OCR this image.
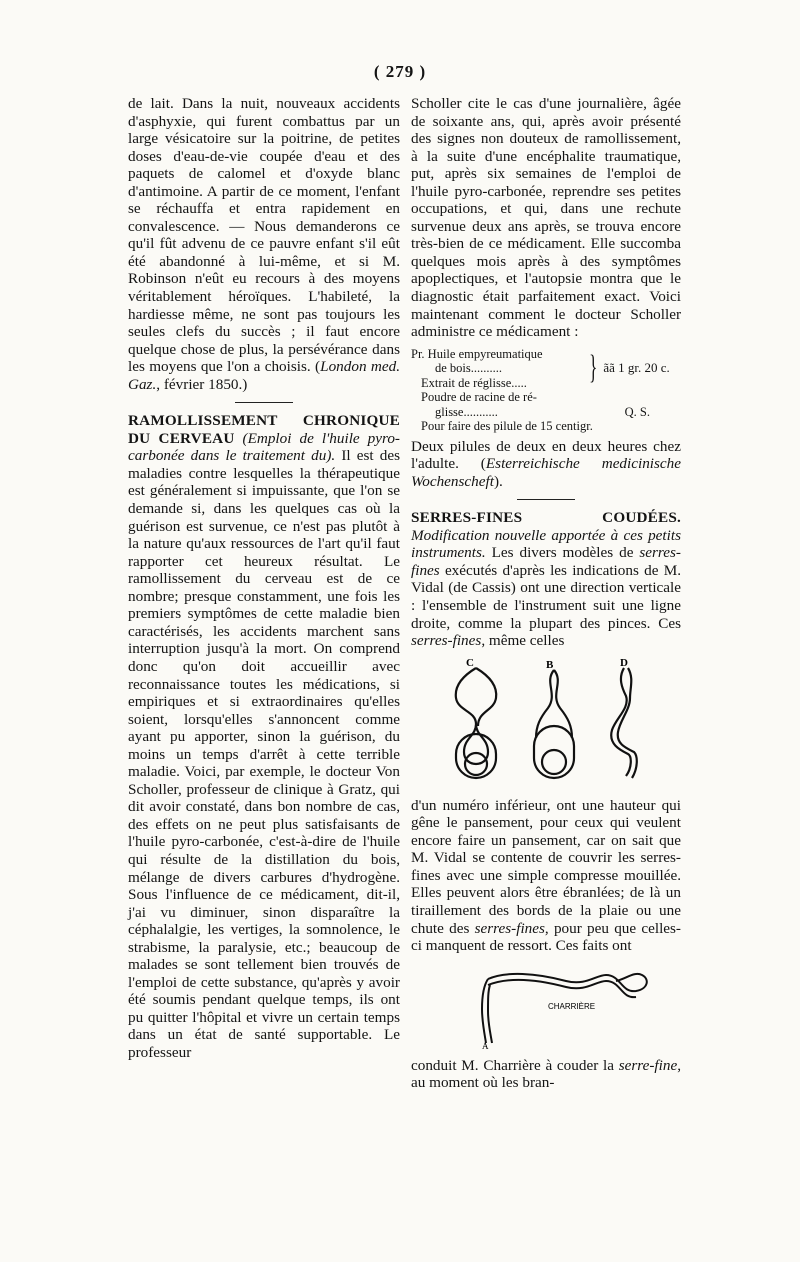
( 279 )

de lait. Dans la nuit, nouveaux accidents d'asphyxie, qui furent combattus par un large vésicatoire sur la poitrine, de petites doses d'eau-de-vie coupée d'eau et des paquets de calomel et d'oxyde blanc d'antimoine. A partir de ce moment, l'enfant se réchauffa et entra rapidement en convalescence. — Nous demanderons ce qu'il fût advenu de ce pauvre enfant s'il eût été abandonné à lui-même, et si M. Robinson n'eût eu recours à des moyens véritablement héroïques. L'habileté, la hardiesse même, ne sont pas toujours les seules clefs du succès ; il faut encore quelque chose de plus, la persévérance dans les moyens que l'on a choisis. (London med. Gaz., février 1850.)

RAMOLLISSEMENT CHRONIQUE DU CERVEAU (Emploi de l'huile pyro-carbonée dans le traitement du). Il est des maladies contre lesquelles la thérapeutique est généralement si impuissante, que l'on se demande si, dans les quelques cas où la guérison est survenue, ce n'est pas plutôt à la nature qu'aux ressources de l'art qu'il faut rapporter cet heureux résultat. Le ramollissement du cerveau est de ce nombre; presque constamment, une fois les premiers symptômes de cette maladie bien caractérisés, les accidents marchent sans interruption jusqu'à la mort. On comprend donc qu'on doit accueillir avec reconnaissance toutes les médications, si empiriques et si extraordinaires qu'elles soient, lorsqu'elles s'annoncent comme ayant pu apporter, sinon la guérison, du moins un temps d'arrêt à cette terrible maladie. Voici, par exemple, le docteur Von Scholler, professeur de clinique à Gratz, qui dit avoir constaté, dans bon nombre de cas, des effets on ne peut plus satisfaisants de l'huile pyro-carbonée, c'est-à-dire de l'huile qui résulte de la distillation du bois, mélange de divers carbures d'hydrogène. Sous l'influence de ce médicament, dit-il, j'ai vu diminuer, sinon disparaître la céphalalgie, les vertiges, la somnolence, le strabisme, la paralysie, etc.; beaucoup de malades se sont tellement bien trouvés de l'emploi de cette substance, qu'après y avoir été soumis pendant quelque temps, ils ont pu quitter l'hôpital et vivre un certain temps dans un état de santé supportable. Le professeur

Scholler cite le cas d'une journalière, âgée de soixante ans, qui, après avoir présenté des signes non douteux de ramollissement, à la suite d'une encéphalite traumatique, put, après six semaines de l'emploi de l'huile pyro-carbonée, reprendre ses petites occupations, et qui, dans une rechute survenue deux ans après, se trouva encore très-bien de ce médicament. Elle succomba quelques mois après à des symptômes apoplectiques, et l'autopsie montra que le diagnostic était parfaitement exact. Voici maintenant comment le docteur Scholler administre ce médicament :

Pr. Huile empyreumatique
de bois..........
Extrait de réglisse.....	} ãã 1 gr. 20 c.
Poudre de racine de ré-
glisse...........	Q. S.
Pour faire des pilule de 15 centigr.

Deux pilules de deux en deux heures chez l'adulte. (Esterreichische medicinische Wochenscheft).

SERRES-FINES COUDÉES. Modification nouvelle apportée à ces petits instruments. Les divers modèles de serres-fines exécutés d'après les indications de M. Vidal (de Cassis) ont une direction verticale : l'ensemble de l'instrument suit une ligne droite, comme la plupart des pinces. Ces serres-fines, même celles

C	B	D

d'un numéro inférieur, ont une hauteur qui gêne le pansement, pour ceux qui veulent encore faire un pansement, car on sait que M. Vidal se contente de couvrir les serres-fines avec une simple compresse mouillée. Elles peuvent alors être ébranlées; de là un tiraillement des bords de la plaie ou une chute des serres-fines, pour peu que celles-ci manquent de ressort. Ces faits ont

CHARRIÈRE
A

conduit M. Charrière à couder la serre-fine, au moment où les bran-
